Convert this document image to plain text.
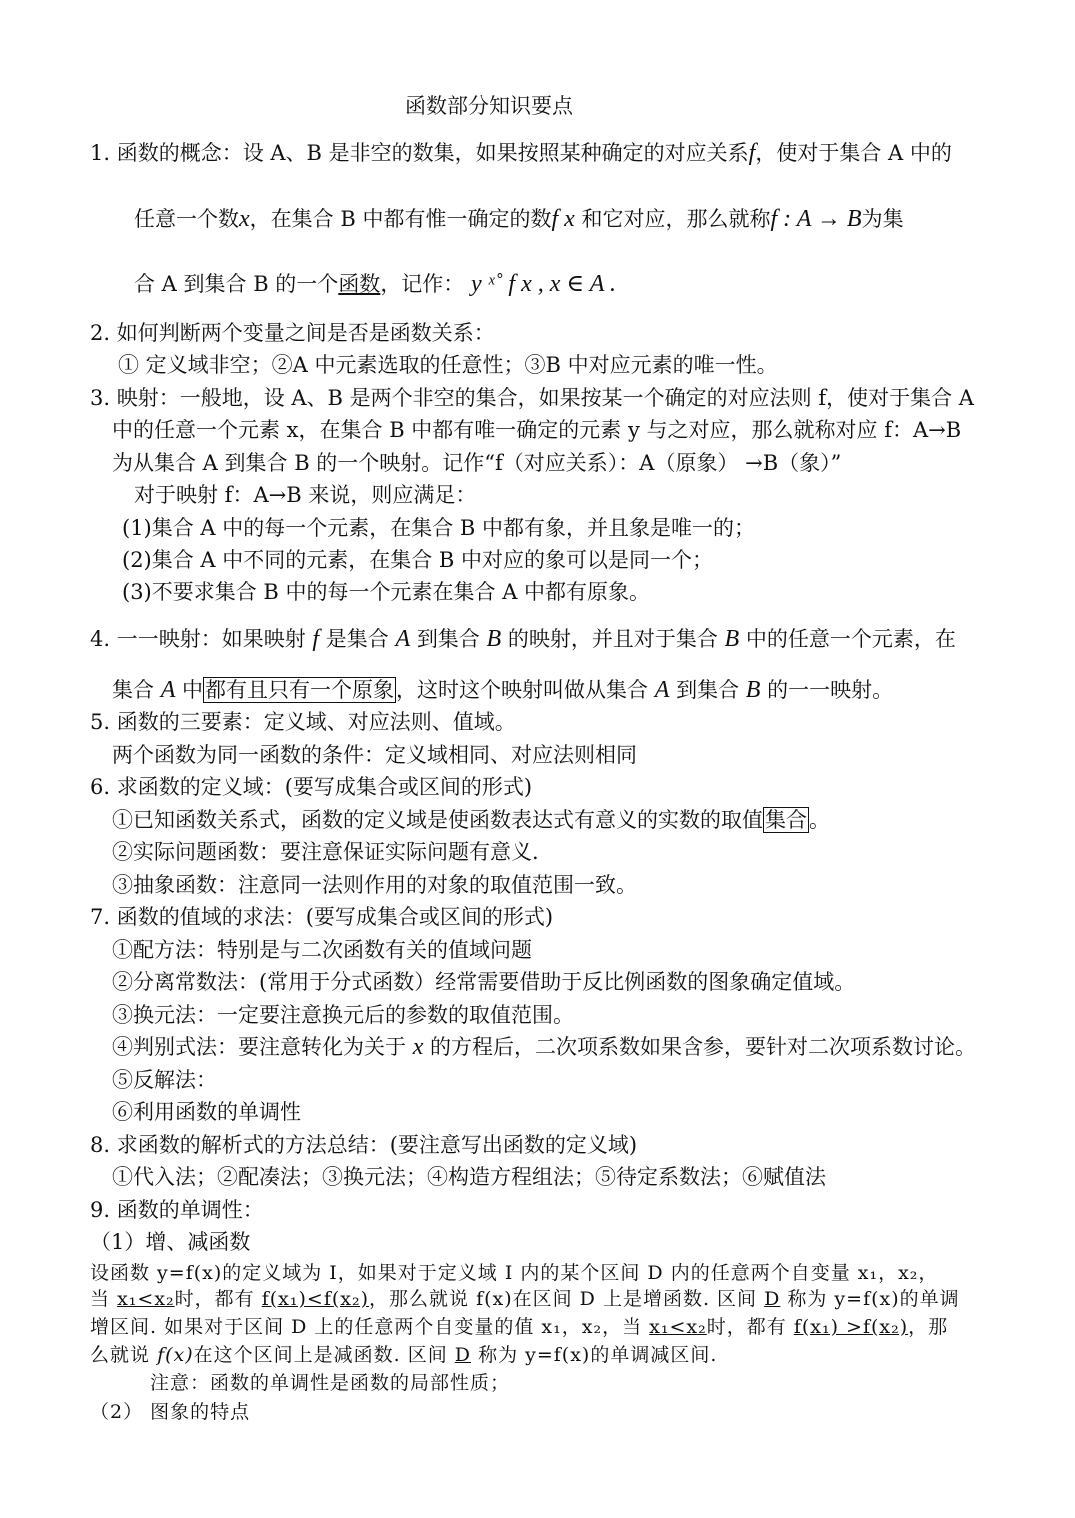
函数部分知识要点
1. 函数的概念：设 A、B 是非空的数集，如果按照某种确定的对应关系f，使对于集合 A 中的
任意一个数x，在集合 B 中都有惟一确定的数f x 和它对应，那么就称f : A → B为集
合 A 到集合 B 的一个函数，记作： y ˣ˚ f x , x ∈ A .
2. 如何判断两个变量之间是否是函数关系：
① 定义域非空；②A 中元素选取的任意性；③B 中对应元素的唯一性。
3. 映射：一般地，设 A、B 是两个非空的集合，如果按某一个确定的对应法则 f，使对于集合 A
中的任意一个元素 x，在集合 B 中都有唯一确定的元素 y 与之对应，那么就称对应 f：A→B
为从集合 A 到集合 B 的一个映射。记作“f（对应关系）：A（原象） →B（象）”
对于映射 f：A→B 来说，则应满足：
(1)集合 A 中的每一个元素，在集合 B 中都有象，并且象是唯一的；
(2)集合 A 中不同的元素，在集合 B 中对应的象可以是同一个；
(3)不要求集合 B 中的每一个元素在集合 A 中都有原象。
4. 一一映射：如果映射 f 是集合 A 到集合 B 的映射，并且对于集合 B 中的任意一个元素，在
集合 A 中都有且只有一个原象，这时这个映射叫做从集合 A 到集合 B 的一一映射。
5. 函数的三要素：定义域、对应法则、值域。
两个函数为同一函数的条件：定义域相同、对应法则相同
6. 求函数的定义域：(要写成集合或区间的形式)
①已知函数关系式，函数的定义域是使函数表达式有意义的实数的取值集合。
②实际问题函数：要注意保证实际问题有意义.
③抽象函数：注意同一法则作用的对象的取值范围一致。
7. 函数的值域的求法：(要写成集合或区间的形式)
①配方法：特别是与二次函数有关的值域问题
②分离常数法：(常用于分式函数）经常需要借助于反比例函数的图象确定值域。
③换元法：一定要注意换元后的参数的取值范围。
④判别式法：要注意转化为关于 x 的方程后，二次项系数如果含参，要针对二次项系数讨论。
⑤反解法：
⑥利用函数的单调性
8. 求函数的解析式的方法总结：(要注意写出函数的定义域)
①代入法；②配凑法；③换元法；④构造方程组法；⑤待定系数法；⑥赋值法
9. 函数的单调性：
（1）增、减函数
设函数 y=f(x)的定义域为 I，如果对于定义域 I 内的某个区间 D 内的任意两个自变量 x₁，x₂，
当 x₁<x₂时，都有 f(x₁)<f(x₂)，那么就说 f(x)在区间 D 上是增函数. 区间 D 称为 y=f(x)的单调
增区间. 如果对于区间 D 上的任意两个自变量的值 x₁，x₂，当 x₁<x₂时，都有 f(x₁) >f(x₂)，那
么就说 f(x)在这个区间上是减函数. 区间 D 称为 y=f(x)的单调减区间.
注意：函数的单调性是函数的局部性质；
（2） 图象的特点
